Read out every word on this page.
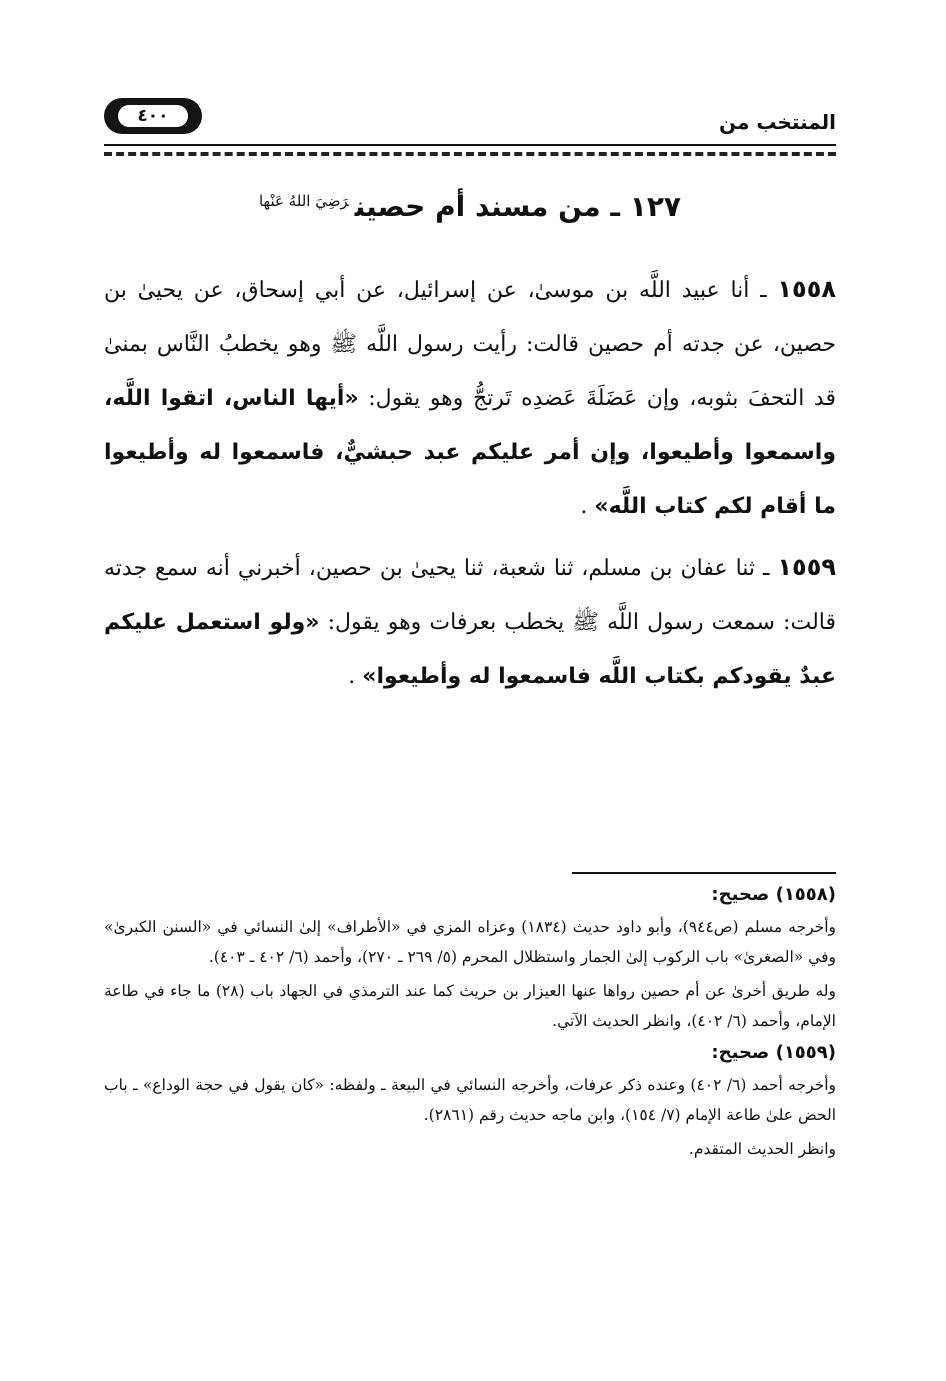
٤٠٠	المنتخب من
١٢٧ ـ من مسند أم حصين$^{رَضِيَ اللهُ عَنْها}$
١٥٥٨ ـ أنا عبيد اللَّه بن موسىٰ، عن إسرائيل، عن أبي إسحاق، عن يحيىٰ بن حصين، عن جدته أم حصين قالت: رأيت رسول اللَّه ﷺ وهو يخطبُ النَّاس بمنىٰ قد التحفَ بثوبه، وإن عَضَلَةَ عَضدِه تَرتجُّ وهو يقول: «أيها الناس، اتقوا اللَّه، واسمعوا وأطيعوا، وإن أمر عليكم عبد حبشيٌّ، فاسمعوا له وأطيعوا ما أقام لكم كتاب اللَّه» .
١٥٥٩ ـ ثنا عفان بن مسلم، ثنا شعبة، ثنا يحيىٰ بن حصين، أخبرني أنه سمع جدته قالت: سمعت رسول اللَّه ﷺ يخطب بعرفات وهو يقول: «ولو استعمل عليكم عبدٌ يقودكم بكتاب اللَّه فاسمعوا له وأطيعوا» .
(١٥٥٨) صحيح:

وأخرجه مسلم (ص٩٤٤)، وأبو داود حديث (١٨٣٤) وعزاه المزي في «الأطراف» إلىٰ النسائي في «السنن الكبرىٰ» وفي «الصغرىٰ» باب الركوب إلىٰ الجمار واستظلال المحرم (٥/ ٢٦٩ ـ ٢٧٠)، وأحمد (٦/ ٤٠٢ ـ ٤٠٣).

وله طريق أخرىٰ عن أم حصين رواها عنها العيزار بن حريث كما عند الترمذي في الجهاد باب (٢٨) ما جاء في طاعة الإمام، وأحمد (٦/ ٤٠٢)، وانظر الحديث الآتي.

(١٥٥٩) صحيح:

وأخرجه أحمد (٦/ ٤٠٢) وعنده ذكر عرفات، وأخرجه النسائي في البيعة ـ ولفظه: «كان يقول في حجة الوداع» ـ باب الحض علىٰ طاعة الإمام (٧/ ١٥٤)، وابن ماجه حديث رقم (٢٨٦١).

وانظر الحديث المتقدم.
